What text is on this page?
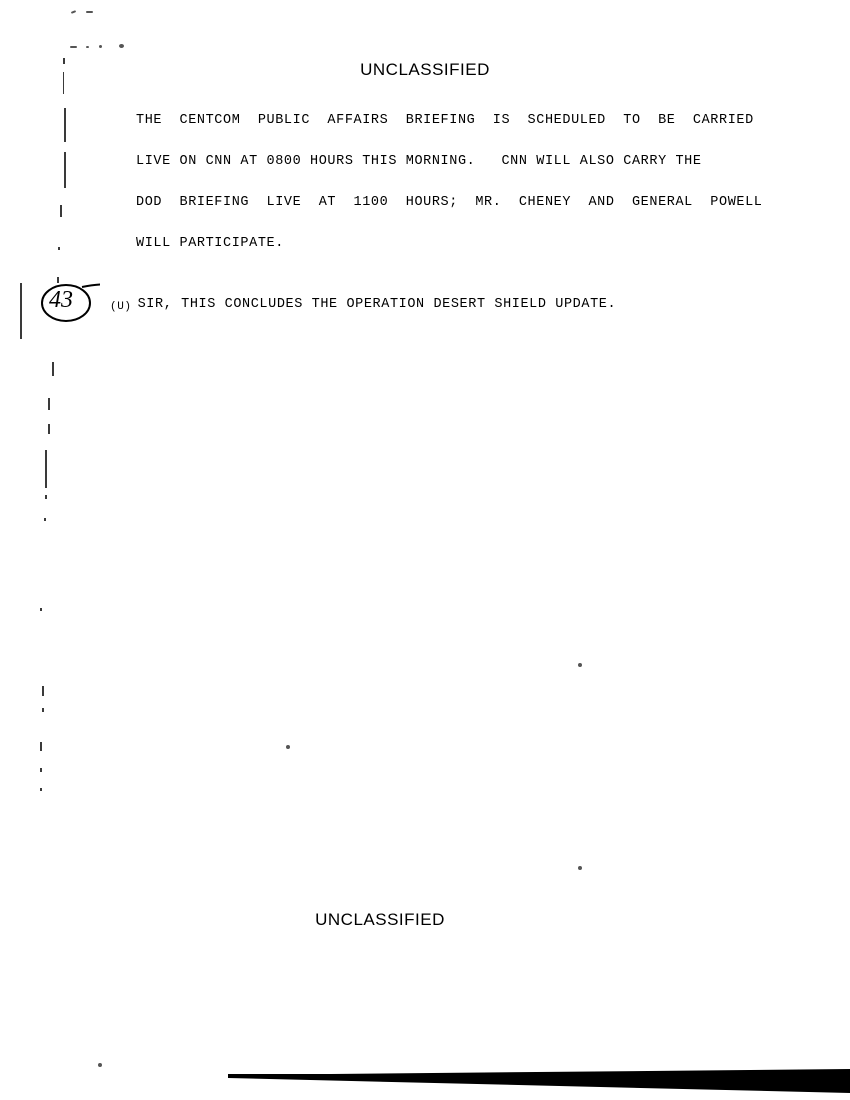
UNCLASSIFIED

THE  CENTCOM  PUBLIC  AFFAIRS  BRIEFING  IS  SCHEDULED  TO  BE  CARRIED

LIVE ON CNN AT 0800 HOURS THIS MORNING.   CNN WILL ALSO CARRY THE

DOD  BRIEFING  LIVE  AT  1100  HOURS;  MR.  CHENEY  AND  GENERAL  POWELL

WILL PARTICIPATE.

43	(U) SIR, THIS CONCLUDES THE OPERATION DESERT SHIELD UPDATE.
UNCLASSIFIED
